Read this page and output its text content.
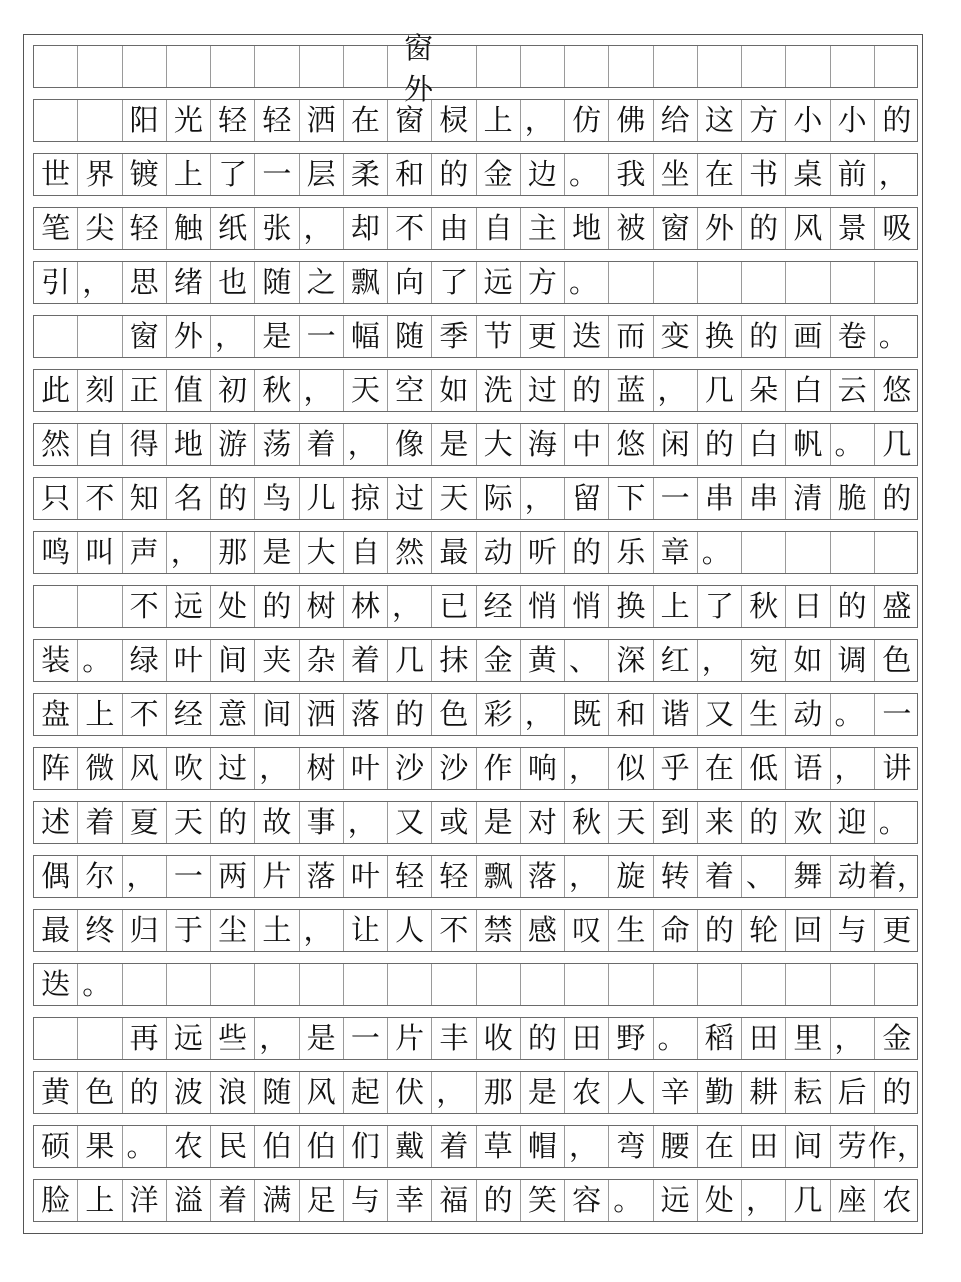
窗外
阳 光 轻 轻 洒 在 窗 棂 上 ， 仿 佛 给 这 方 小 小 的
世 界 镀 上 了 一 层 柔 和 的 金 边 。 我 坐 在 书 桌 前 ，
笔 尖 轻 触 纸 张 ， 却 不 由 自 主 地 被 窗 外 的 风 景 吸
引 ， 思 绪 也 随 之 飘 向 了 远 方 。
窗 外 ， 是 一 幅 随 季 节 更 迭 而 变 换 的 画 卷 。
此 刻 正 值 初 秋 ， 天 空 如 洗 过 的 蓝 ， 几 朵 白 云 悠
然 自 得 地 游 荡 着 ， 像 是 大 海 中 悠 闲 的 白 帆 。 几
只 不 知 名 的 鸟 儿 掠 过 天 际 ， 留 下 一 串 串 清 脆 的
鸣 叫 声 ， 那 是 大 自 然 最 动 听 的 乐 章 。
不 远 处 的 树 林 ， 已 经 悄 悄 换 上 了 秋 日 的 盛
装 。 绿 叶 间 夹 杂 着 几 抹 金 黄 、 深 红 ， 宛 如 调 色
盘 上 不 经 意 间 洒 落 的 色 彩 ， 既 和 谐 又 生 动 。 一
阵 微 风 吹 过 ， 树 叶 沙 沙 作 响 ， 似 乎 在 低 语 ， 讲
述 着 夏 天 的 故 事 ， 又 或 是 对 秋 天 到 来 的 欢 迎 。
偶 尔 ， 一 两 片 落 叶 轻 轻 飘 落 ， 旋 转 着 、 舞 动 着，
最 终 归 于 尘 土 ， 让 人 不 禁 感 叹 生 命 的 轮 回 与 更
迭 。
再 远 些 ， 是 一 片 丰 收 的 田 野 。 稻 田 里 ， 金
黄 色 的 波 浪 随 风 起 伏 ， 那 是 农 人 辛 勤 耕 耘 后 的
硕 果 。 农 民 伯 伯 们 戴 着 草 帽 ， 弯 腰 在 田 间 劳 作，
脸 上 洋 溢 着 满 足 与 幸 福 的 笑 容 。 远 处 ， 几 座 农
